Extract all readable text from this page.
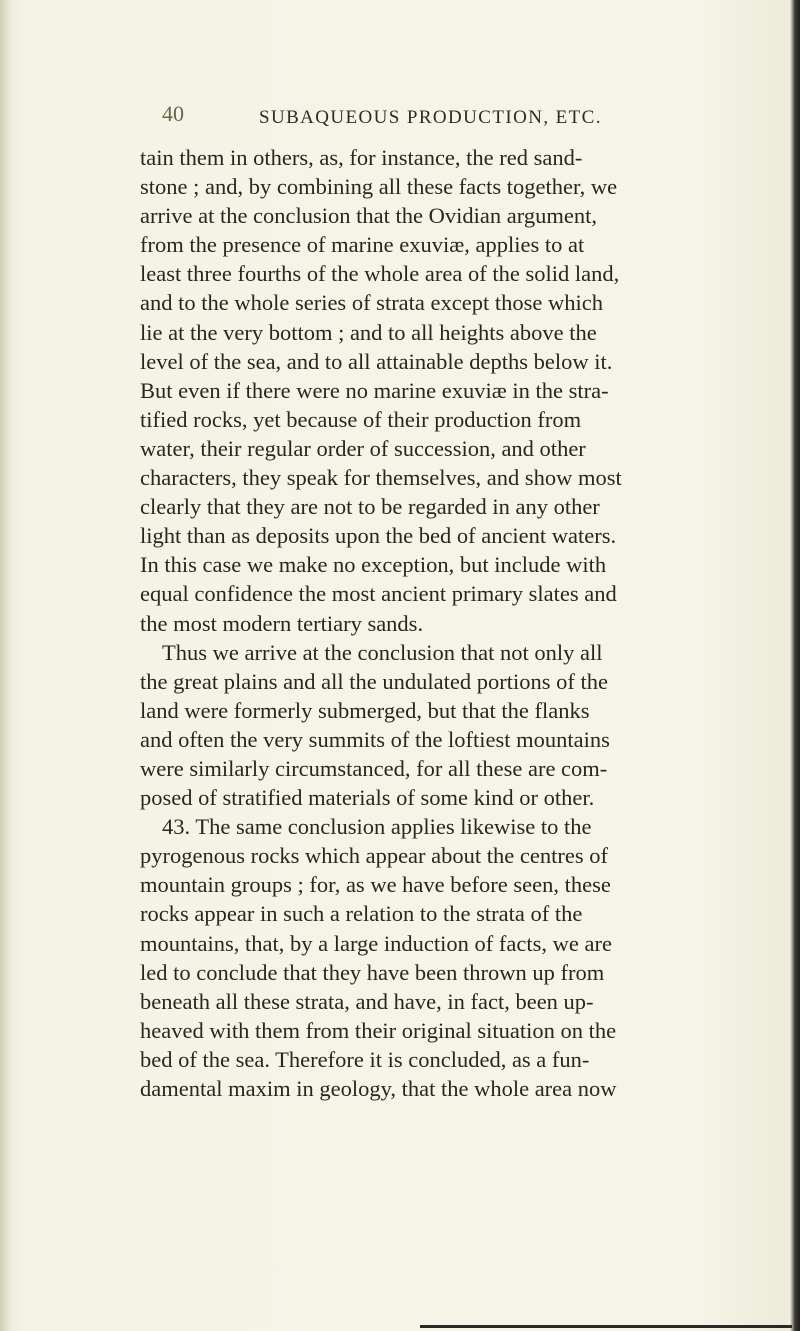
40	SUBAQUEOUS PRODUCTION, ETC.
tain them in others, as, for instance, the red sand-
stone ; and, by combining all these facts together, we
arrive at the conclusion that the Ovidian argument,
from the presence of marine exuviæ, applies to at
least three fourths of the whole area of the solid land,
and to the whole series of strata except those which
lie at the very bottom ; and to all heights above the
level of the sea, and to all attainable depths below it.
But even if there were no marine exuviæ in the stra-
tified rocks, yet because of their production from
water, their regular order of succession, and other
characters, they speak for themselves, and show most
clearly that they are not to be regarded in any other
light than as deposits upon the bed of ancient waters.
In this case we make no exception, but include with
equal confidence the most ancient primary slates and
the most modern tertiary sands.
Thus we arrive at the conclusion that not only all
the great plains and all the undulated portions of the
land were formerly submerged, but that the flanks
and often the very summits of the loftiest mountains
were similarly circumstanced, for all these are com-
posed of stratified materials of some kind or other.
43. The same conclusion applies likewise to the
pyrogenous rocks which appear about the centres of
mountain groups ; for, as we have before seen, these
rocks appear in such a relation to the strata of the
mountains, that, by a large induction of facts, we are
led to conclude that they have been thrown up from
beneath all these strata, and have, in fact, been up-
heaved with them from their original situation on the
bed of the sea. Therefore it is concluded, as a fun-
damental maxim in geology, that the whole area now
